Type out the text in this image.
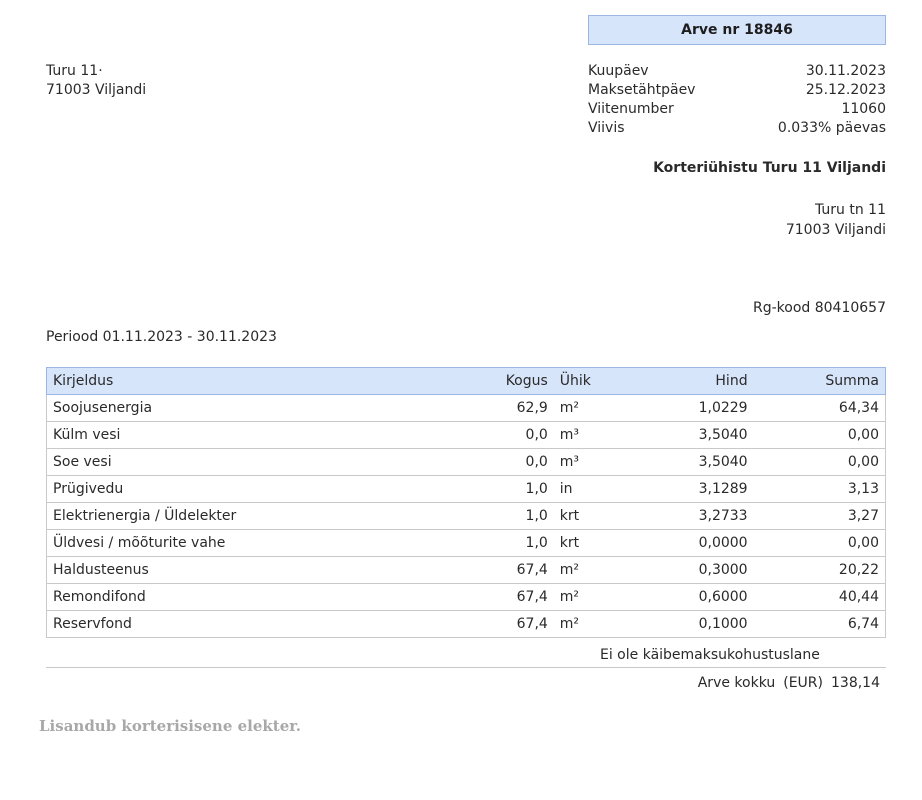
Arve nr 18846
Turu 11·
71003 Viljandi
Kuupäev	30.11.2023
Maksetähtpäev	25.12.2023
Viitenumber	11060
Viivis	0.033% päevas
Korteriühistu Turu 11 Viljandi
Turu tn 11
71003 Viljandi
Rg-kood 80410657
Periood 01.11.2023 - 30.11.2023
Kirjeldus	Kogus	Ühik	Hind	Summa
Soojusenergia	62,9	m²	1,0229	64,34
Külm vesi	0,0	m³	3,5040	0,00
Soe vesi	0,0	m³	3,5040	0,00
Prügivedu	1,0	in	3,1289	3,13
Elektrienergia / Üldelekter	1,0	krt	3,2733	3,27
Üldvesi / mõõturite vahe	1,0	krt	0,0000	0,00
Haldusteenus	67,4	m²	0,3000	20,22
Remondifond	67,4	m²	0,6000	40,44
Reservfond	67,4	m²	0,1000	6,74
Ei ole käibemaksukohustuslane
Arve kokku (EUR) 138,14
Lisandub korterisisene elekter.
